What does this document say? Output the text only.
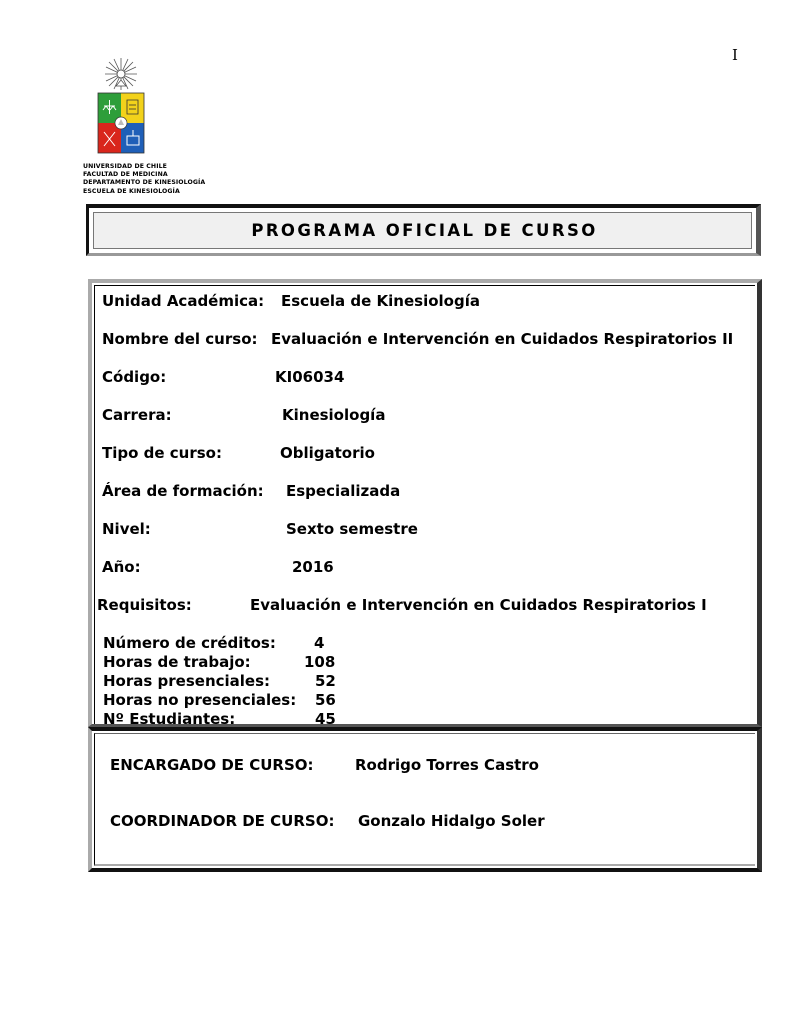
I
UNIVERSIDAD DE CHILE
FACULTAD DE MEDICINA
DEPARTAMENTO DE KINESIOLOGÍA
ESCUELA DE KINESIOLOGÍA
PROGRAMA OFICIAL DE CURSO
Unidad Académica: Escuela de Kinesiología
Nombre del curso: Evaluación e Intervención en Cuidados Respiratorios II
Código:	KI06034
Carrera:	Kinesiología
Tipo de curso:	Obligatorio
Área de formación: Especializada
Nivel:	Sexto semestre
Año:	2016
Requisitos:	Evaluación e Intervención en Cuidados Respiratorios I
Número de créditos:	4
Horas de trabajo:	108
Horas presenciales:	52
Horas no presenciales: 56
Nº Estudiantes:	45
ENCARGADO DE CURSO:	Rodrigo Torres Castro
COORDINADOR DE CURSO: Gonzalo Hidalgo Soler
